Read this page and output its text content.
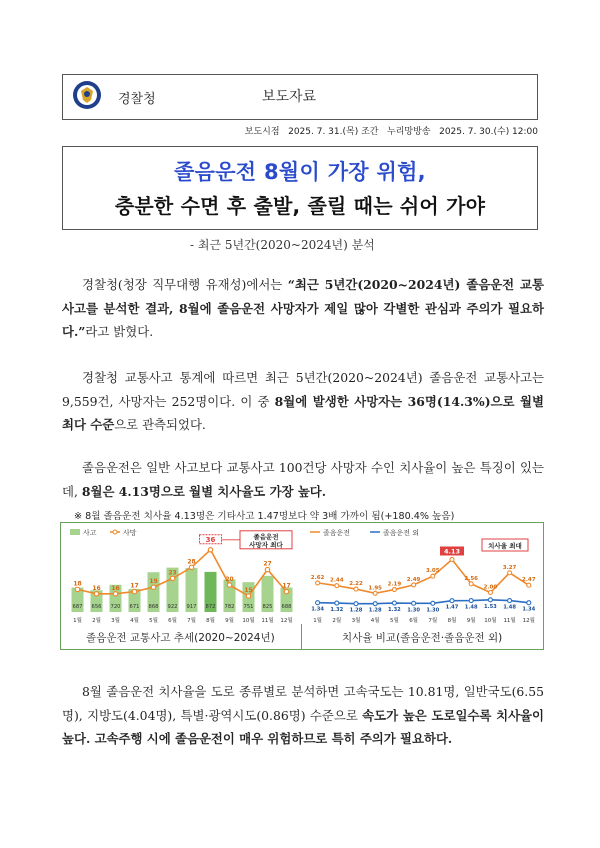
경찰청	보도자료
보도시점   2025. 7. 31.(목) 조간   누리망방송   2025. 7. 30.(수) 12:00
졸음운전 8월이 가장 위험,
충분한 수면 후 출발, 졸릴 때는 쉬어 가야
- 최근 5년간(2020~2024년) 분석
경찰청(청장 직무대행 유재성)에서는 “최근 5년간(2020~2024년) 졸음운전 교통사고를 분석한 결과, 8월에 졸음운전 사망자가 제일 많아 각별한 관심과 주의가 필요하다.”라고 밝혔다.
경찰청 교통사고 통계에 따르면 최근 5년간(2020~2024년) 졸음운전 교통사고는 9,559건, 사망자는 252명이다. 이 중 8월에 발생한 사망자는 36명(14.3%)으로 월별 최다 수준으로 관측되었다.
졸음운전은 일반 사고보다 교통사고 100건당 사망자 수인 치사율이 높은 특징이 있는데, 8월은 4.13명으로 월별 치사율도 가장 높다.
※ 8월 졸음운전 치사율 4.13명은 기타사고 1.47명보다 약 3배 가까이 됨(+180.4% 높음)
사고	사망
687
1월
656
2월
720
3월
671
4월
868
5월
922
6월
917
7월
872
8월
782
9월
751
10월
825
11월
688
12월
18
16 16 17
19
23
28
20
15
27
17
36	졸음운전
사망자 최다
졸음운전	졸음운전 외
2.62 2.44
2.22
1.95
2.19
2.49
3.05
2.56
2.00
3.27
2.47
1.34
1월
1.32
2월
1.28
3월
1.28
4월
1.32
5월
1.30
6월
1.30
7월
1.47
8월
1.48
9월
1.53
10월
1.48
11월
1.34
12월
4.13
치사율 최대
졸음운전 교통사고 추세(2020~2024년)	치사율 비교(졸음운전·졸음운전 외)
8월 졸음운전 치사율을 도로 종류별로 분석하면 고속국도는 10.81명, 일반국도(6.55명), 지방도(4.04명), 특별·광역시도(0.86명) 수준으로 속도가 높은 도로일수록 치사율이 높다. 고속주행 시에 졸음운전이 매우 위험하므로 특히 주의가 필요하다.
